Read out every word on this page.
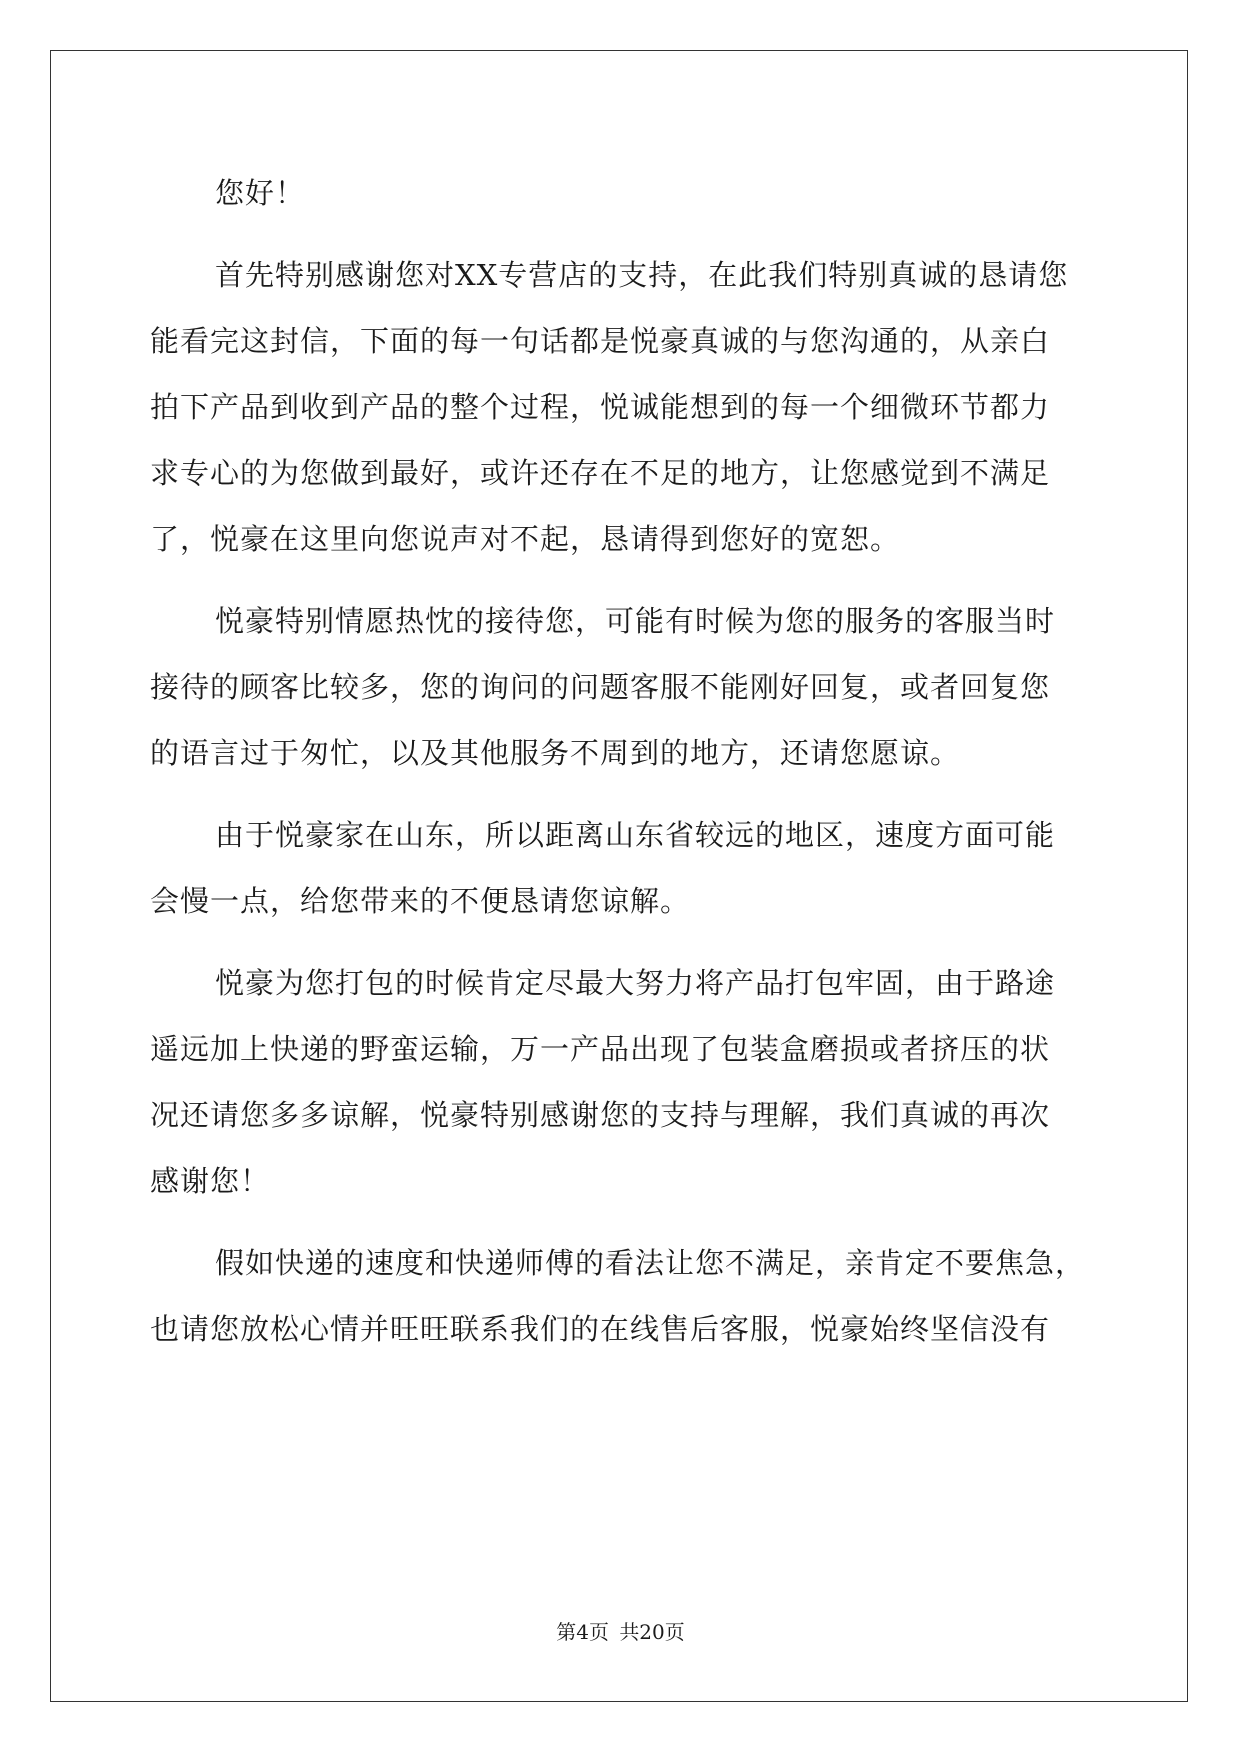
您好！
首先特别感谢您对XX专营店的支持，在此我们特别真诚的恳请您
能看完这封信，下面的每一句话都是悦豪真诚的与您沟通的，从亲白
拍下产品到收到产品的整个过程，悦诚能想到的每一个细微环节都力
求专心的为您做到最好，或许还存在不足的地方，让您感觉到不满足
了，悦豪在这里向您说声对不起，恳请得到您好的宽恕。
悦豪特别情愿热忱的接待您，可能有时候为您的服务的客服当时
接待的顾客比较多，您的询问的问题客服不能刚好回复，或者回复您
的语言过于匆忙，以及其他服务不周到的地方，还请您愿谅。
由于悦豪家在山东，所以距离山东省较远的地区，速度方面可能
会慢一点，给您带来的不便恳请您谅解。
悦豪为您打包的时候肯定尽最大努力将产品打包牢固，由于路途
遥远加上快递的野蛮运输，万一产品出现了包装盒磨损或者挤压的状
况还请您多多谅解，悦豪特别感谢您的支持与理解，我们真诚的再次
感谢您！
假如快递的速度和快递师傅的看法让您不满足，亲肯定不要焦急，
也请您放松心情并旺旺联系我们的在线售后客服，悦豪始终坚信没有
第4页 共20页
